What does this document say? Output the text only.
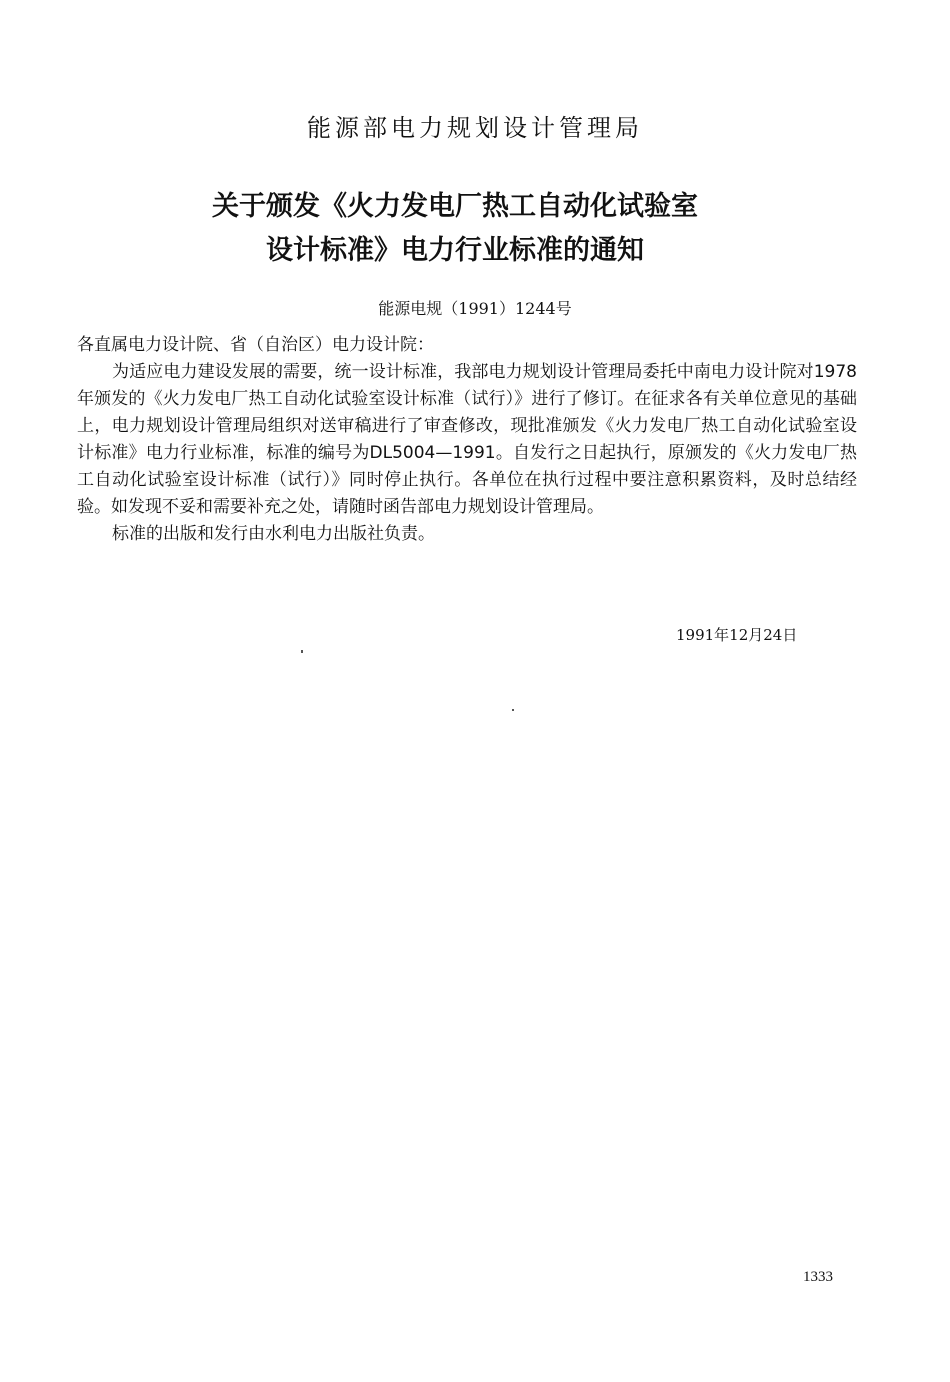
能源部电力规划设计管理局
关于颁发《火力发电厂热工自动化试验室
设计标准》电力行业标准的通知
能源电规（1991）1244号

各直属电力设计院、省（自治区）电力设计院：

为适应电力建设发展的需要，统一设计标准，我部电力规划设计管理局委托中南电力设计院对1978年颁发的《火力发电厂热工自动化试验室设计标准（试行）》进行了修订。在征求各有关单位意见的基础上，电力规划设计管理局组织对送审稿进行了审查修改，现批准颁发《火力发电厂热工自动化试验室设计标准》电力行业标准，标准的编号为DL5004—1991。自发行之日起执行，原颁发的《火力发电厂热工自动化试验室设计标准（试行）》同时停止执行。各单位在执行过程中要注意积累资料，及时总结经验。如发现不妥和需要补充之处，请随时函告部电力规划设计管理局。

标准的出版和发行由水利电力出版社负责。

1991年12月24日
1333
